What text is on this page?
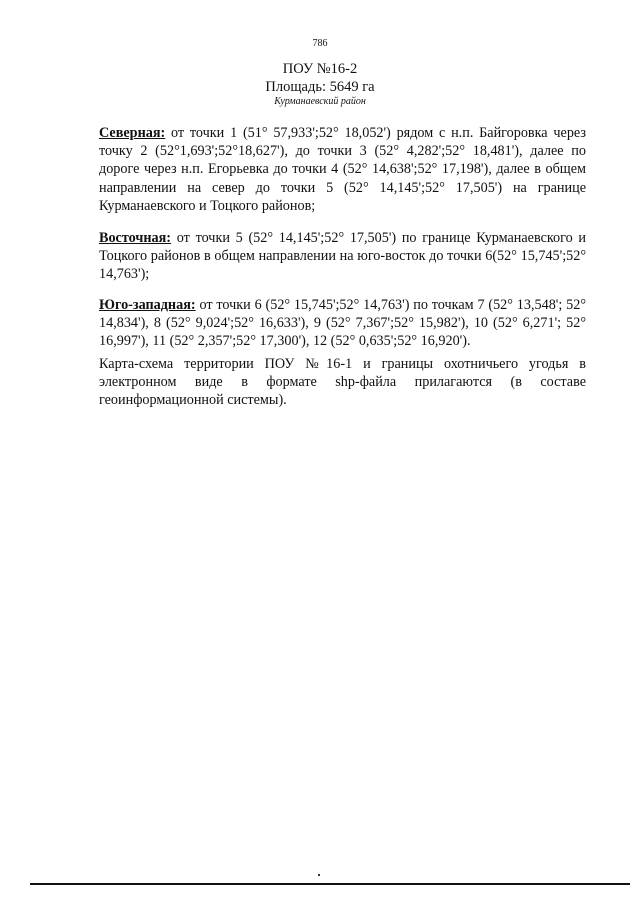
786
ПОУ №16-2
Площадь: 5649 га
Курманаевский район

Северная: от точки 1 (51° 57,933';52° 18,052') рядом с н.п. Байгоровка через точку 2 (52°1,693';52°18,627'), до точки 3 (52° 4,282';52° 18,481'), далее по дороге через н.п. Егорьевка до точки 4 (52° 14,638';52° 17,198'), далее в общем направлении на север до точки 5 (52° 14,145';52° 17,505') на границе Курманаевского и Тоцкого районов;

Восточная: от точки 5 (52° 14,145';52° 17,505') по границе Курманаевского и Тоцкого районов в общем направлении на юго-восток до точки 6(52° 15,745';52° 14,763');

Юго-западная: от точки 6 (52° 15,745';52° 14,763') по точкам 7 (52° 13,548'; 52° 14,834'), 8 (52° 9,024';52° 16,633'), 9 (52° 7,367';52° 15,982'), 10 (52° 6,271'; 52° 16,997'), 11 (52° 2,357';52° 17,300'), 12 (52° 0,635';52° 16,920').

Карта-схема территории ПОУ №16-1 и границы охотничьего угодья в электронном виде в формате shp-файла прилагаются (в составе геоинформационной системы).
